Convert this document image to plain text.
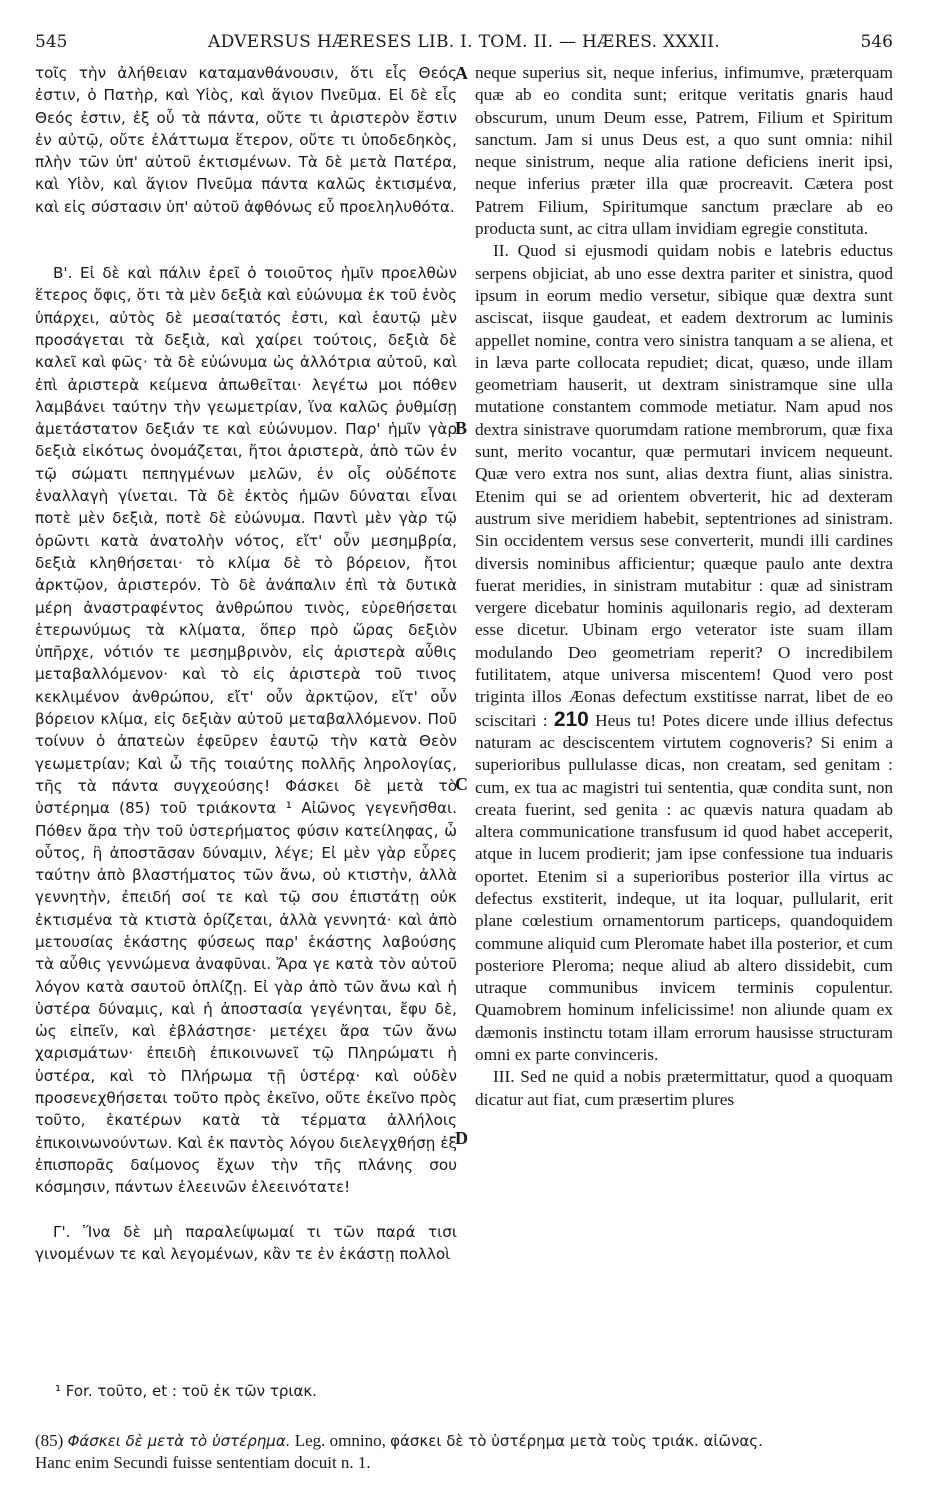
545	ADVERSUS HÆRESES LIB. I. TOM. II. — HÆRES. XXXII.	546

τοῖς τὴν ἀλήθειαν καταμανθάνουσιν, ὅτι εἷς Θεός ἐστιν, ὁ Πατὴρ, καὶ Υἱὸς, καὶ ἅγιον Πνεῦμα. Εἰ δὲ εἷς Θεός ἐστιν, ἐξ οὗ τὰ πάντα, οὔτε τι ἀριστερὸν ἔστιν ἐν αὐτῷ, οὔτε ἐλάττωμα ἕτερον, οὔτε τι ὑποδεδηκὸς, πλὴν τῶν ὑπ' αὐτοῦ ἐκτισμένων. Τὰ δὲ μετὰ Πατέρα, καὶ Υἱὸν, καὶ ἅγιον Πνεῦμα πάντα καλῶς ἐκτισμένα, καὶ εἰς σύστασιν ὑπ' αὐτοῦ ἀφθόνως εὖ προεληλυθότα.

Β'. Εἰ δὲ καὶ πάλιν ἐρεῖ ὁ τοιοῦτος ἡμῖν προελθὼν ἕτερος ὄφις, ὅτι τὰ μὲν δεξιὰ καὶ εὐώνυμα ἐκ τοῦ ἑνὸς ὑπάρχει, αὐτὸς δὲ μεσαίτατός ἐστι, καὶ ἑαυτῷ μὲν προσάγεται τὰ δεξιὰ, καὶ χαίρει τούτοις, δεξιὰ δὲ καλεῖ καὶ φῶς· τὰ δὲ εὐώνυμα ὡς ἀλλότρια αὐτοῦ, καὶ ἐπὶ ἀριστερὰ κείμενα ἀπωθεῖται· λεγέτω μοι πόθεν λαμβάνει ταύτην τὴν γεωμετρίαν, ἵνα καλῶς ῥυθμίσῃ ἀμετάστατον δεξιάν τε καὶ εὐώνυμον. Παρ' ἡμῖν γὰρ δεξιὰ εἰκότως ὀνομάζεται, ἤτοι ἀριστερὰ, ἀπὸ τῶν ἐν τῷ σώματι πεπηγμένων μελῶν, ἐν οἷς οὐδέποτε ἐναλλαγὴ γίνεται. Τὰ δὲ ἐκτὸς ἡμῶν δύναται εἶναι ποτὲ μὲν δεξιὰ, ποτὲ δὲ εὐώνυμα. Παντὶ μὲν γὰρ τῷ ὁρῶντι κατὰ ἀνατολὴν νότος, εἴτ' οὖν μεσημβρία, δεξιὰ κληθήσεται· τὸ κλίμα δὲ τὸ βόρειον, ἤτοι ἀρκτῷον, ἀριστερόν. Τὸ δὲ ἀνάπαλιν ἐπὶ τὰ δυτικὰ μέρη ἀναστραφέντος ἀνθρώπου τινὸς, εὑρεθήσεται ἑτερωνύμως τὰ κλίματα, ὅπερ πρὸ ὥρας δεξιὸν ὑπῆρχε, νότιόν τε μεσημβρινὸν, εἰς ἀριστερὰ αὖθις μεταβαλλόμενον· καὶ τὸ εἰς ἀριστερὰ τοῦ τινος κεκλιμένον ἀνθρώπου, εἴτ' οὖν ἀρκτῷον, εἴτ' οὖν βόρειον κλίμα, εἰς δεξιὰν αὐτοῦ μεταβαλλόμενον. Ποῦ τοίνυν ὁ ἀπατεὼν ἐφεῦρεν ἑαυτῷ τὴν κατὰ Θεὸν γεωμετρίαν; Καὶ ὦ τῆς τοιαύτης πολλῆς ληρολογίας, τῆς τὰ πάντα συγχεούσης! Φάσκει δὲ μετὰ τὸ ὑστέρημα (85) τοῦ τριάκοντα ¹ Αἰῶνος γεγενῆσθαι. Πόθεν ἄρα τὴν τοῦ ὑστερήματος φύσιν κατείληφας, ὦ οὗτος, ἢ ἀποστᾶσαν δύναμιν, λέγε; Εἰ μὲν γὰρ εὗρες ταύτην ἀπὸ βλαστήματος τῶν ἄνω, οὐ κτιστὴν, ἀλλὰ γεννητὴν, ἐπειδή σοί τε καὶ τῷ σου ἐπιστάτῃ οὐκ ἐκτισμένα τὰ κτιστὰ ὁρίζεται, ἀλλὰ γεννητά· καὶ ἀπὸ μετουσίας ἑκάστης φύσεως παρ' ἑκάστης λαβούσης τὰ αὖθις γεννώμενα ἀναφῦναι. Ἄρα γε κατὰ τὸν αὐτοῦ λόγον κατὰ σαυτοῦ ὁπλίζῃ. Εἰ γὰρ ἀπὸ τῶν ἄνω καὶ ἡ ὑστέρα δύναμις, καὶ ἡ ἀποστασία γεγένηται, ἔφυ δὲ, ὡς εἰπεῖν, καὶ ἐβλάστησε· μετέχει ἄρα τῶν ἄνω χαρισμάτων· ἐπειδὴ ἐπικοινωνεῖ τῷ Πληρώματι ἡ ὑστέρα, καὶ τὸ Πλήρωμα τῇ ὑστέρᾳ· καὶ οὐδὲν προσενεχθήσεται τοῦτο πρὸς ἐκεῖνο, οὔτε ἐκεῖνο πρὸς τοῦτο, ἑκατέρων κατὰ τὰ τέρματα ἀλλήλοις ἐπικοινωνούντων. Καὶ ἐκ παντὸς λόγου διελεγχθήσῃ ἐξ ἐπισπορᾶς δαίμονος ἔχων τὴν τῆς πλάνης σου κόσμησιν, πάντων ἐλεεινῶν ἐλεεινότατε!

Γ'. Ἵνα δὲ μὴ παραλείψωμαί τι τῶν παρά τισι γινομένων τε καὶ λεγομένων, κἂν τε ἐν ἑκάστῃ πολλοὶ

neque superius sit, neque inferius, infimumve, præterquam quæ ab eo condita sunt; eritque veritatis gnaris haud obscurum, unum Deum esse, Patrem, Filium et Spiritum sanctum. Jam si unus Deus est, a quo sunt omnia: nihil neque sinistrum, neque alia ratione deficiens inerit ipsi, neque inferius præter illa quæ procreavit. Cætera post Patrem Filium, Spiritumque sanctum præclare ab eo producta sunt, ac citra ullam invidiam egregie constituta.

II. Quod si ejusmodi quidam nobis e latebris eductus serpens objiciat, ab uno esse dextra pariter et sinistra, quod ipsum in eorum medio versetur, sibique quæ dextra sunt asciscat, iisque gaudeat, et eadem dextrorum ac luminis appellet nomine, contra vero sinistra tanquam a se aliena, et in læva parte collocata repudiet; dicat, quæso, unde illam geometriam hauserit, ut dextram sinistramque sine ulla mutatione constantem commode metiatur. Nam apud nos dextra sinistrave quorumdam ratione membrorum, quæ fixa sunt, merito vocantur, quæ permutari invicem nequeunt. Quæ vero extra nos sunt, alias dextra fiunt, alias sinistra. Etenim qui se ad orientem obverterit, hic ad dexteram austrum sive meridiem habebit, septentriones ad sinistram. Sin occidentem versus sese converterit, mundi illi cardines diversis nominibus afficientur; quæque paulo ante dextra fuerat meridies, in sinistram mutabitur : quæ ad sinistram vergere dicebatur hominis aquilonaris regio, ad dexteram esse dicetur. Ubinam ergo veterator iste suam illam modulando Deo geometriam reperit? O incredibilem futilitatem, atque universa miscentem! Quod vero post triginta illos Æonas defectum exstitisse narrat, libet de eo sciscitari : 210 Heus tu! Potes dicere unde illius defectus naturam ac desciscentem virtutem cognoveris? Si enim a superioribus pullulasse dicas, non creatam, sed genitam : cum, ex tua ac magistri tui sententia, quæ condita sunt, non creata fuerint, sed genita : ac quævis natura quadam ab altera communicatione transfusum id quod habet acceperit, atque in lucem prodierit; jam ipse confessione tua induaris oportet. Etenim si a superioribus posterior illa virtus ac defectus exstiterit, indeque, ut ita loquar, pullularit, erit plane cœlestium ornamentorum particeps, quandoquidem commune aliquid cum Pleromate habet illa posterior, et cum posteriore Pleroma; neque aliud ab altero dissidebit, cum utraque communibus invicem terminis copulentur. Quamobrem hominum infelicissime! non aliunde quam ex dæmonis instinctu totam illam errorum hausisse structuram omni ex parte convinceris.

III. Sed ne quid a nobis prætermittatur, quod a quoquam dicatur aut fiat, cum præsertim plures

A
B
C
D
¹ For. τοῦτο, et : τοῦ ἐκ τῶν τριακ.
(85) Φάσκει δὲ μετὰ τὸ ὑστέρημα. Leg. omnino, φάσκει δὲ τὸ ὑστέρημα μετὰ τοὺς τριάκ. αἰῶνας.
Hanc enim Secundi fuisse sententiam docuit n. 1.
